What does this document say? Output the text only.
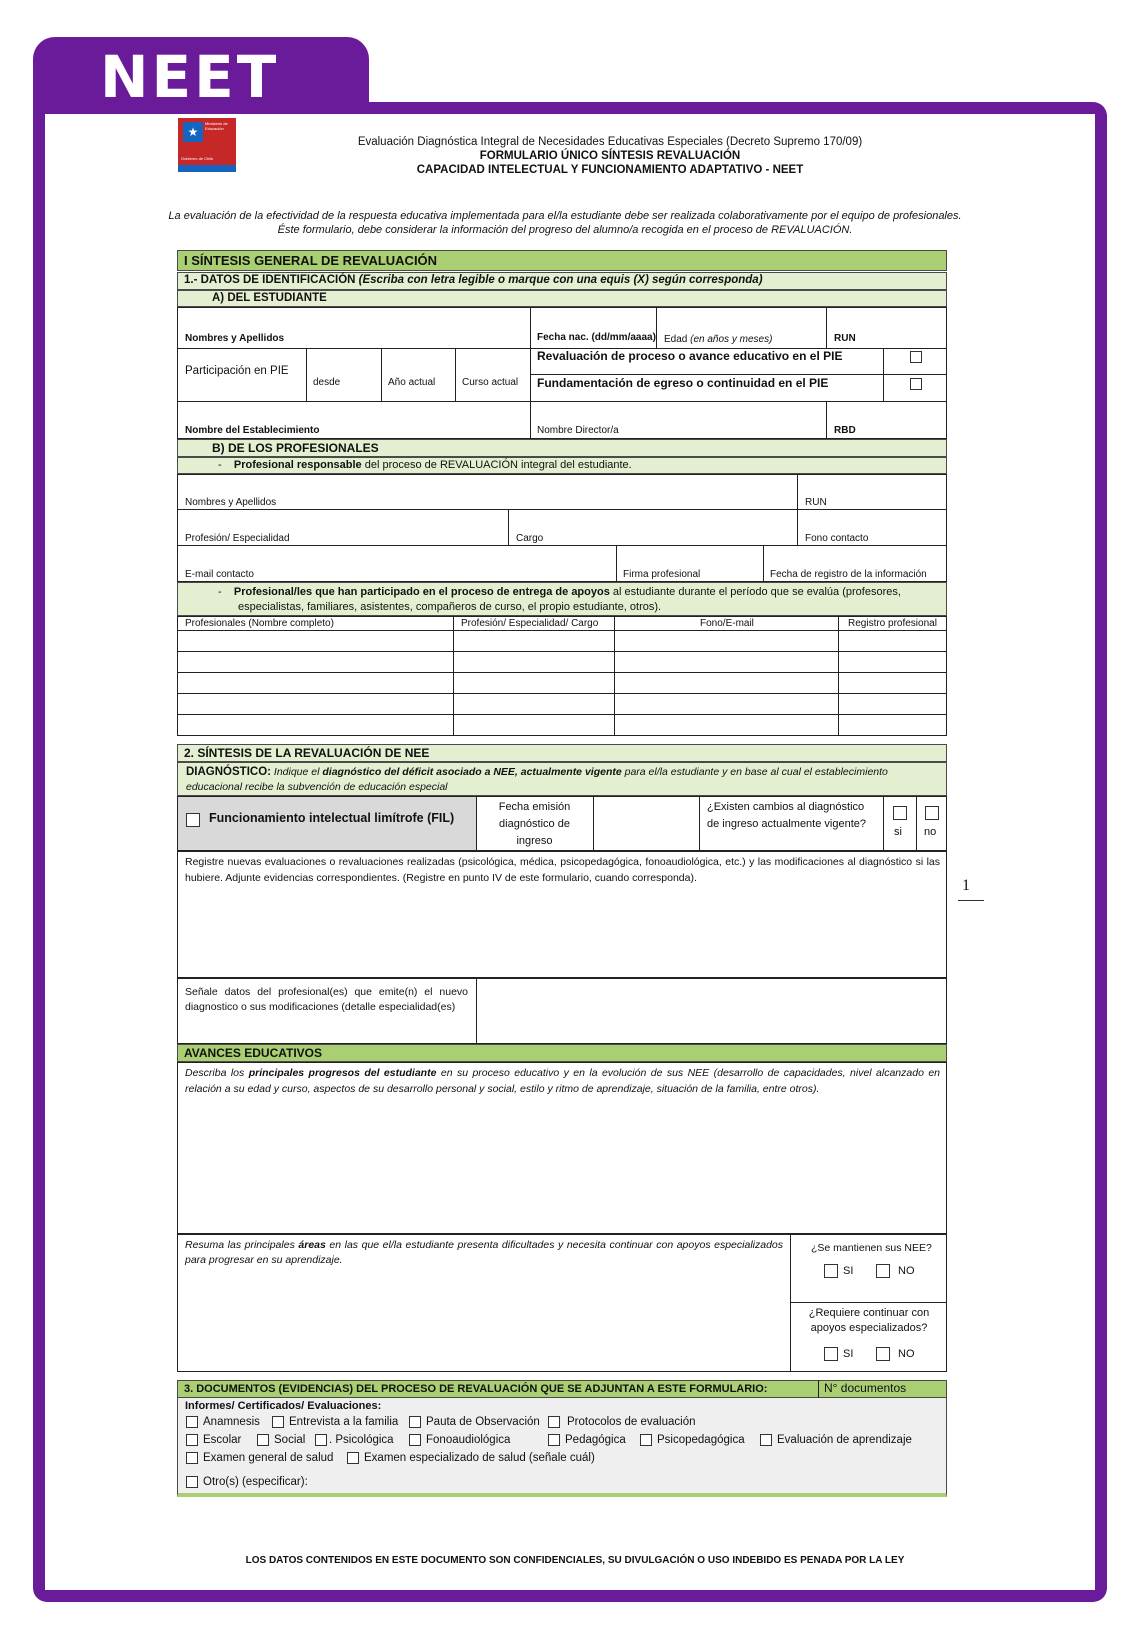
NEET
★
Ministerio de
Educación
Gobierno de Chile
Evaluación Diagnóstica Integral de Necesidades Educativas Especiales (Decreto Supremo 170/09)
FORMULARIO ÚNICO SÍNTESIS REVALUACIÓN
CAPACIDAD INTELECTUAL Y FUNCIONAMIENTO ADAPTATIVO - NEET
La evaluación de la efectividad de la respuesta educativa implementada para el/la estudiante debe ser realizada colaborativamente por el equipo de profesionales.
Éste formulario, debe considerar la información del progreso del alumno/a recogida en el proceso de REVALUACIÓN.
I SÍNTESIS GENERAL DE REVALUACIÓN
1.- DATOS DE IDENTIFICACIÓN (Escriba con letra legible o marque con una equis (X) según corresponda)
A) DEL ESTUDIANTE
Nombres y Apellidos	Fecha nac. (dd/mm/aaaa) Edad (en años y meses)	RUN
Participación en PIE
desde	Año actual	Curso actual
Revaluación de proceso o avance educativo en el PIE
Fundamentación de egreso o continuidad en el PIE
Nombre del Establecimiento	Nombre Director/a	RBD
B) DE LOS PROFESIONALES
- Profesional responsable del proceso de REVALUACIÓN integral del estudiante.
Nombres y Apellidos	RUN
Profesión/ Especialidad	Cargo	Fono contacto
E-mail contacto	Firma profesional	Fecha de registro de la información
-    Profesional/les que han participado en el proceso de entrega de apoyos al estudiante durante el período que se evalúa (profesores,
especialistas, familiares, asistentes, compañeros de curso, el propio estudiante, otros).
Profesionales (Nombre completo)	Profesión/ Especialidad/ Cargo	Fono/E-mail	Registro profesional
2. SÍNTESIS DE LA REVALUACIÓN DE NEE
DIAGNÓSTICO: Indique el diagnóstico del déficit asociado a NEE, actualmente vigente para el/la estudiante y en base al cual el establecimiento
educacional recibe la subvención de educación especial
Funcionamiento intelectual limítrofe (FIL)
Fecha emisión
diagnóstico de
ingreso
¿Existen cambios al diagnóstico
de ingreso actualmente vigente?
si no
Registre nuevas evaluaciones o revaluaciones realizadas (psicológica, médica, psicopedagógica, fonoaudiológica, etc.) y las modificaciones al diagnóstico si las hubiere. Adjunte evidencias correspondientes. (Registre en punto IV de este formulario, cuando corresponda).
Señale datos del profesional(es) que emite(n) el nuevo diagnostico o sus modificaciones (detalle especialidad(es)
AVANCES EDUCATIVOS
Describa los principales progresos del estudiante en su proceso educativo y en la evolución de sus NEE (desarrollo de capacidades, nivel alcanzado en relación a su edad y curso, aspectos de su desarrollo personal y social, estilo y ritmo de aprendizaje, situación de la familia, entre otros).
Resuma las principales áreas en las que el/la estudiante presenta dificultades y necesita continuar con apoyos especializados para progresar en su aprendizaje.
¿Se mantienen sus NEE?
SI	NO
¿Requiere continuar con
apoyos especializados?
SI	NO
3. DOCUMENTOS (EVIDENCIAS) DEL PROCESO DE REVALUACIÓN QUE SE ADJUNTAN A ESTE FORMULARIO:	N° documentos
Informes/ Certificados/ Evaluaciones:
Anamnesis	Entrevista a la familia Pauta de Observación Protocolos de evaluación
Escolar	Social . Psicológica	Fonoaudiológica	Pedagógica	Psicopedagógica	Evaluación de aprendizaje
Examen general de salud	Examen especializado de salud (señale cuál)
Otro(s) (especificar):
1
LOS DATOS CONTENIDOS EN ESTE DOCUMENTO SON CONFIDENCIALES, SU DIVULGACIÓN O USO INDEBIDO ES PENADA POR LA LEY
